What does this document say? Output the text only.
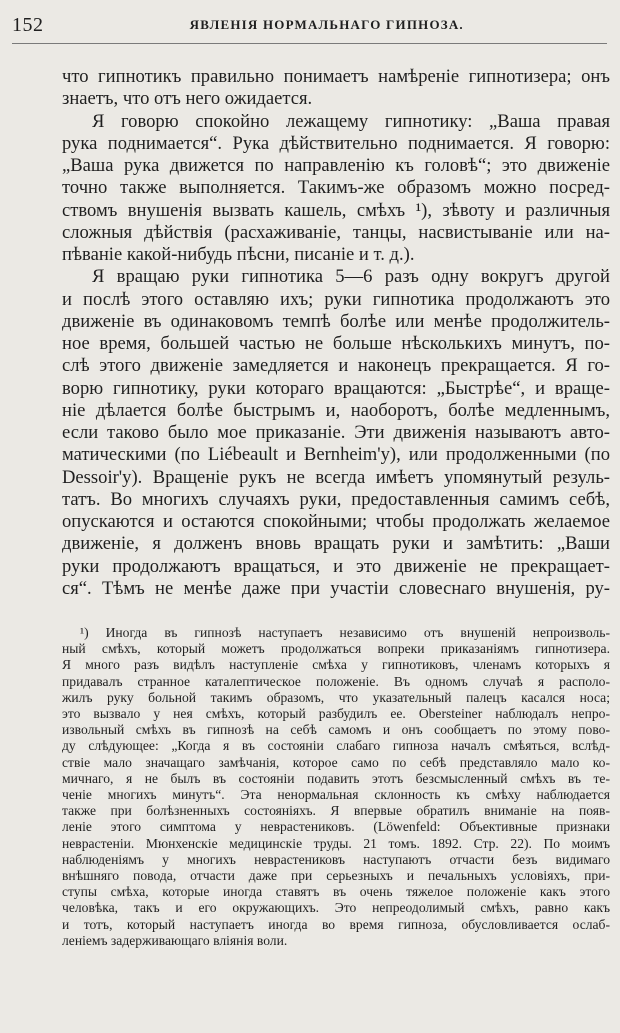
152	ЯВЛЕНІЯ НОРМАЛЬНАГО ГИПНОЗА.
что гипнотикъ правильно понимаетъ намѣреніе гипнотизера; онъ
знаетъ, что отъ него ожидается.
Я говорю спокойно лежащему гипнотику: „Ваша правая
рука поднимается“. Рука дѣйствительно поднимается. Я говорю:
„Ваша рука движется по направленію къ головѣ“; это движеніе
точно также выполняется. Такимъ-же образомъ можно посред-
ствомъ внушенія вызвать кашель, смѣхъ ¹), зѣвоту и различныя
сложныя дѣйствія (расхаживаніе, танцы, насвистываніе или на-
пѣваніе какой-нибудь пѣсни, писаніе и т. д.).
Я вращаю руки гипнотика 5—6 разъ одну вокругъ другой
и послѣ этого оставляю ихъ; руки гипнотика продолжаютъ это
движеніе въ одинаковомъ темпѣ болѣе или менѣе продолжитель-
ное время, большей частью не больше нѣсколькихъ минутъ, по-
слѣ этого движеніе замедляется и наконецъ прекращается. Я го-
ворю гипнотику, руки котораго вращаются: „Быстрѣе“, и враще-
ніе дѣлается болѣе быстрымъ и, наоборотъ, болѣе медленнымъ,
если таково было мое приказаніе. Эти движенія называютъ авто-
матическими (по Liébeault и Bernheim'у), или продолженными (по
Dessoir'у). Вращеніе рукъ не всегда имѣетъ упомянутый резуль-
татъ. Во многихъ случаяхъ руки, предоставленныя самимъ себѣ,
опускаются и остаются спокойными; чтобы продолжать желаемое
движеніе, я долженъ вновь вращать руки и замѣтить: „Ваши
руки продолжаютъ вращаться, и это движеніе не прекращает-
ся“. Тѣмъ не менѣе даже при участіи словеснаго внушенія, ру-
¹) Иногда въ гипнозѣ наступаетъ независимо отъ внушеній непроизволь-
ный смѣхъ, который можетъ продолжаться вопреки приказаніямъ гипнотизера.
Я много разъ видѣлъ наступленіе смѣха у гипнотиковъ, членамъ которыхъ я
придавалъ странное каталептическое положеніе. Въ одномъ случаѣ я располо-
жилъ руку больной такимъ образомъ, что указательный палецъ касался носа;
это вызвало у нея смѣхъ, который разбудилъ ее. Obersteiner наблюдалъ непро-
извольный смѣхъ въ гипнозѣ на себѣ самомъ и онъ сообщаетъ по этому пово-
ду слѣдующее: „Когда я въ состояніи слабаго гипноза началъ смѣяться, вслѣд-
ствіе мало значащаго замѣчанія, которое само по себѣ представляло мало ко-
мичнаго, я не былъ въ состояніи подавить этотъ безсмысленный смѣхъ въ те-
ченіе многихъ минутъ“. Эта ненормальная склонность къ смѣху наблюдается
также при болѣзненныхъ состояніяхъ. Я впервые обратилъ вниманіе на появ-
леніе этого симптома у неврастениковъ. (Löwenfeld: Объективные признаки
неврастеніи. Мюнхенскіе медицинскіе труды. 21 томъ. 1892. Стр. 22). По моимъ
наблюденіямъ у многихъ неврастениковъ наступаютъ отчасти безъ видимаго
внѣшняго повода, отчасти даже при серьезныхъ и печальныхъ условіяхъ, при-
ступы смѣха, которые иногда ставятъ въ очень тяжелое положеніе какъ этого
человѣка, такъ и его окружающихъ. Это непреодолимый смѣхъ, равно какъ
и тотъ, который наступаетъ иногда во время гипноза, обусловливается ослаб-
леніемъ задерживающаго вліянія воли.
